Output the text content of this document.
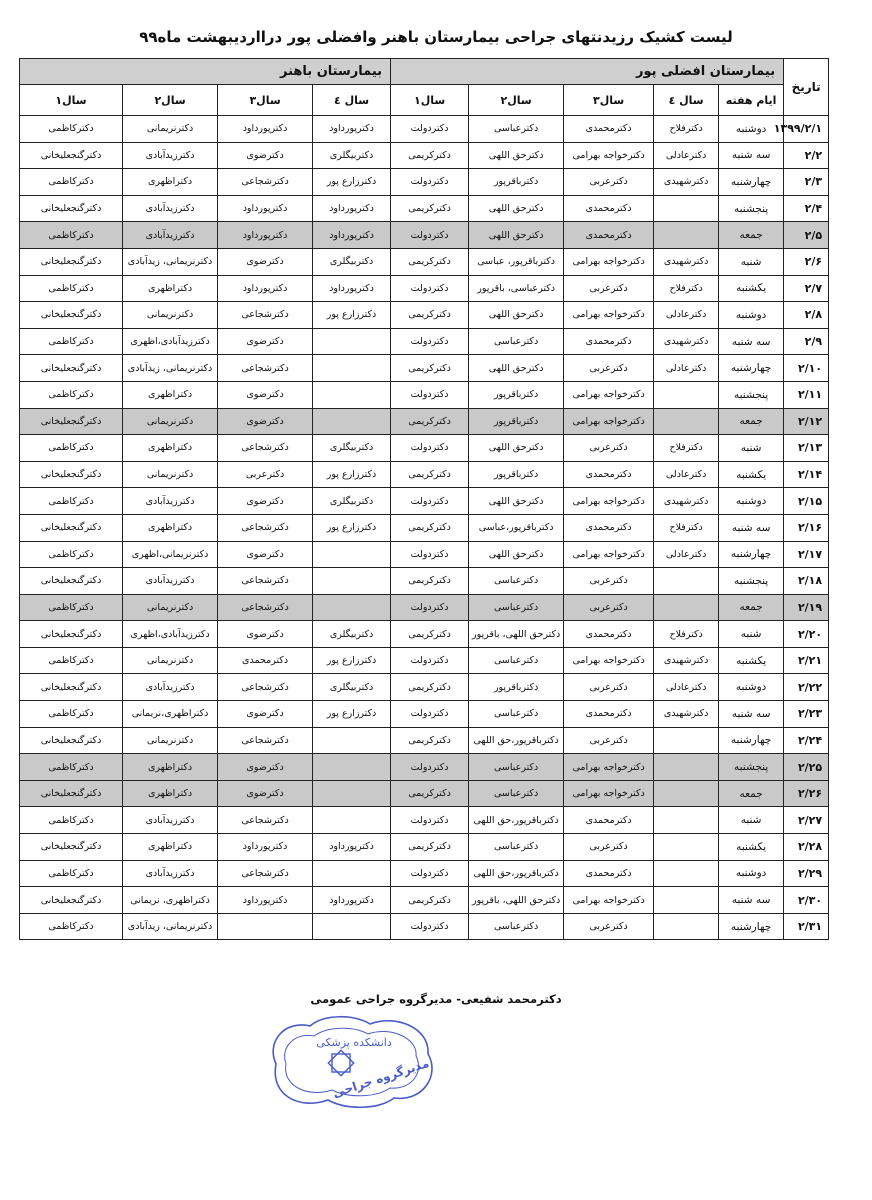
لیست کشیک رزیدنتهای جراحی بیمارستان باهنر وافضلی پور درااردیبهشت ماه۹۹
تاریخ	بیمارستان افضلی پور					بیمارستان باهنر			
	ایام هفته	سال ٤	سال۳	سال۲	سال۱	سال ٤	سال۳	سال۲	سال۱
۱۳۹۹/۲/۱	دوشنبه	دکترفلاح	دکترمحمدی	دکترعباسی	دکتردولت	دکترپورداود	دکترپورداود	دکترنریمانی	دکترکاظمی
۲/۲	سه شنبه	دکترعادلی	دکترخواجه بهرامی	دکترحق اللهی	دکترکریمی	دکتربیگلری	دکترضوی	دکترزیدآبادی	دکترگنجعلیخانی
۲/۳	چهارشنبه	دکترشهیدی	دکترعربی	دکترباقرپور	دکتردولت	دکترزارع پور	دکترشجاعی	دکتراظهری	دکترکاظمی
۲/۴	پنجشنبه		دکترمحمدی	دکترحق اللهی	دکترکریمی	دکترپورداود	دکترپورداود	دکترزیدآبادی	دکترگنجعلیخانی
۲/۵	جمعه		دکترمحمدی	دکترحق اللهی	دکتردولت	دکترپورداود	دکترپورداود	دکترزیدآبادی	دکترکاظمی
۲/۶	شنبه	دکترشهیدی	دکترخواجه بهرامی	دکترباقرپور، عباسی	دکترکریمی	دکتربیگلری	دکترضوی	دکترنریمانی، زیدآبادی	دکترگنجعلیخانی
۲/۷	یکشنبه	دکترفلاح	دکترعربی	دکترعباسی، باقرپور	دکتردولت	دکترپورداود	دکترپورداود	دکتراظهری	دکترکاظمی
۲/۸	دوشنبه	دکترعادلی	دکترخواجه بهرامی	دکترحق اللهی	دکترکریمی	دکترزارع پور	دکترشجاعی	دکترنریمانی	دکترگنجعلیخانی
۲/۹	سه شنبه	دکترشهیدی	دکترمحمدی	دکترعباسی	دکتردولت		دکترضوی	دکترزیدآبادی،اظهری	دکترکاظمی
۲/۱۰	چهارشنبه	دکترعادلی	دکترعربی	دکترحق اللهی	دکترکریمی		دکترشجاعی	دکترنریمانی، زیدآبادی	دکترگنجعلیخانی
۲/۱۱	پنجشنبه		دکترخواجه بهرامی	دکترباقرپور	دکتردولت		دکترضوی	دکتراظهری	دکترکاظمی
۲/۱۲	جمعه		دکترخواجه بهرامی	دکترباقرپور	دکترکریمی		دکترضوی	دکترنریمانی	دکترگنجعلیخانی
۲/۱۳	شنبه	دکترفلاح	دکترعربی	دکترحق اللهی	دکتردولت	دکتربیگلری	دکترشجاعی	دکتراظهری	دکترکاظمی
۲/۱۴	یکشنبه	دکترعادلی	دکترمحمدی	دکترباقرپور	دکترکریمی	دکترزارع پور	دکترعربی	دکترنریمانی	دکترگنجعلیخانی
۲/۱۵	دوشنبه	دکترشهیدی	دکترخواجه بهرامی	دکترحق اللهی	دکتردولت	دکتربیگلری	دکترضوی	دکترزیدآبادی	دکترکاظمی
۲/۱۶	سه شنبه	دکترفلاح	دکترمحمدی	دکترباقرپور،عباسی	دکترکریمی	دکترزارع پور	دکترشجاعی	دکتراظهری	دکترگنجعلیخانی
۲/۱۷	چهارشنبه	دکترعادلی	دکترخواجه بهرامی	دکترحق اللهی	دکتردولت		دکترضوی	دکترنریمانی،اظهری	دکترکاظمی
۲/۱۸	پنجشنبه		دکترعربی	دکترعباسی	دکترکریمی		دکترشجاعی	دکترزیدآبادی	دکترگنجعلیخانی
۲/۱۹	جمعه		دکترعربی	دکترعباسی	دکتردولت		دکترشجاعی	دکترنریمانی	دکترکاظمی
۲/۲۰	شنبه	دکترفلاح	دکترمحمدی	دکترحق اللهی، باقرپور	دکترکریمی	دکتربیگلری	دکترضوی	دکترزیدآبادی،اظهری	دکترگنجعلیخانی
۲/۲۱	یکشنبه	دکترشهیدی	دکترخواجه بهرامی	دکترعباسی	دکتردولت	دکترزارع پور	دکترمحمدی	دکترنریمانی	دکترکاظمی
۲/۲۲	دوشنبه	دکترعادلی	دکترعربی	دکترباقرپور	دکترکریمی	دکتربیگلری	دکترشجاعی	دکترزیدآبادی	دکترگنجعلیخانی
۲/۲۳	سه شنبه	دکترشهیدی	دکترمحمدی	دکترعباسی	دکتردولت	دکترزارع پور	دکترضوی	دکتراظهری،نریمانی	دکترکاظمی
۲/۲۴	چهارشنبه		دکترعربی	دکترباقرپور،حق اللهی	دکترکریمی		دکترشجاعی	دکترنریمانی	دکترگنجعلیخانی
۲/۲۵	پنجشنبه		دکترخواجه بهرامی	دکترعباسی	دکتردولت		دکترضوی	دکتراظهری	دکترکاظمی
۲/۲۶	جمعه		دکترخواجه بهرامی	دکترعباسی	دکترکریمی		دکترضوی	دکتراظهری	دکترگنجعلیخانی
۲/۲۷	شنبه		دکترمحمدی	دکترباقرپور،حق اللهی	دکتردولت		دکترشجاعی	دکترزیدآبادی	دکترکاظمی
۲/۲۸	یکشنبه		دکترعربی	دکترعباسی	دکترکریمی	دکترپورداود	دکترپورداود	دکتراظهری	دکترگنجعلیخانی
۲/۲۹	دوشنبه		دکترمحمدی	دکترباقرپور،حق اللهی	دکتردولت		دکترشجاعی	دکترزیدآبادی	دکترکاظمی
۲/۳۰	سه شنبه		دکترخواجه بهرامی	دکترحق اللهی، باقرپور	دکترکریمی	دکترپورداود	دکترپورداود	دکتراظهری، نریمانی	دکترگنجعلیخانی
۲/۳۱	چهارشنبه		دکترعربی	دکترعباسی	دکتردولت			دکترنریمانی، زیدآبادی	دکترکاظمی
دکترمحمد شفیعی- مدیرگروه جراحی عمومی
دانشکده پزشکی
مدیرگروه جراحی
